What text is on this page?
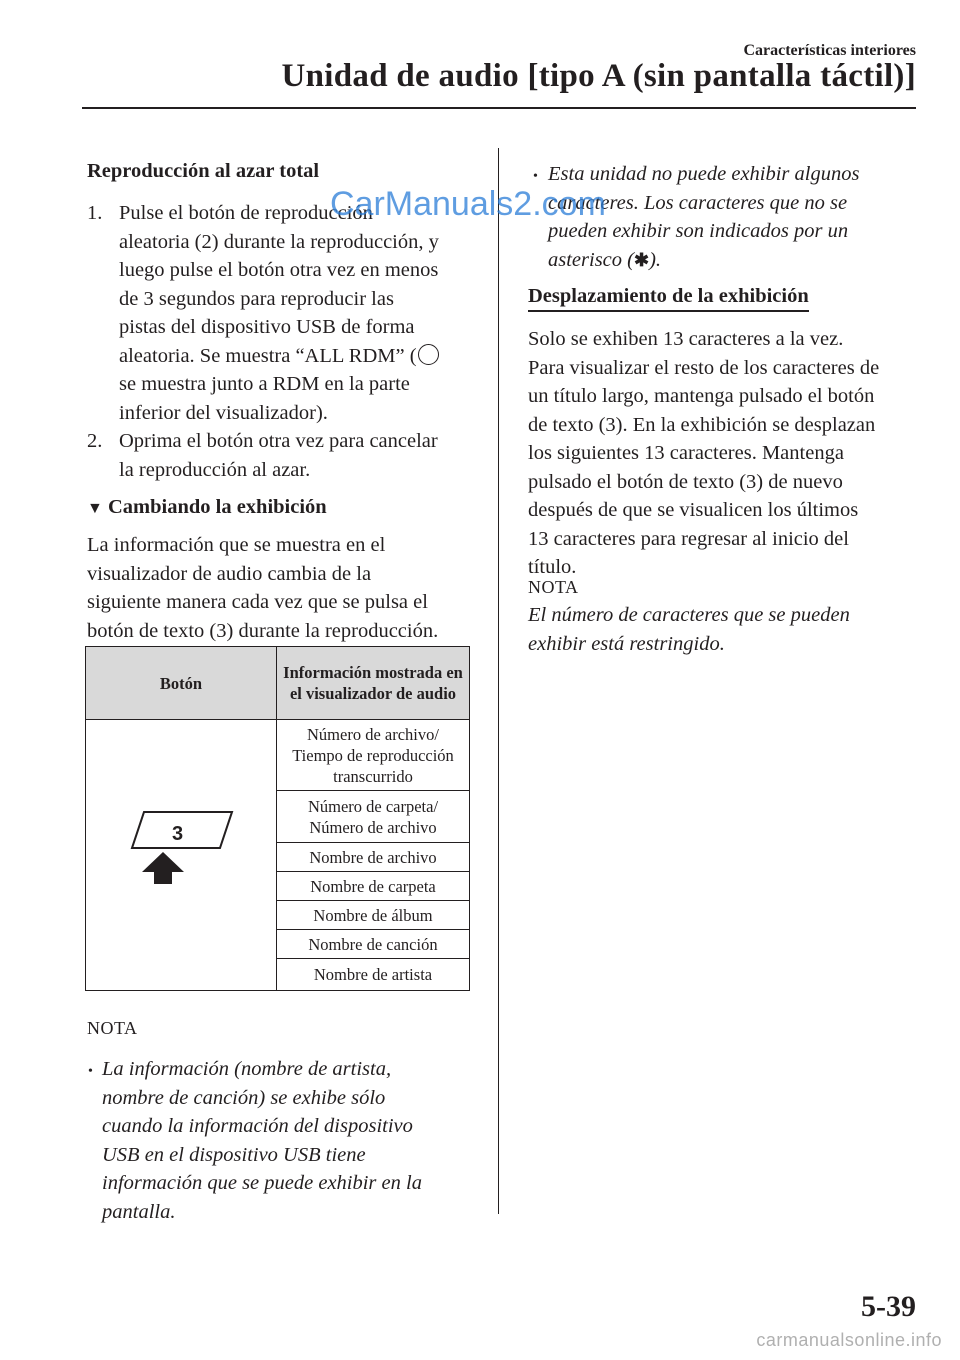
Características interiores
Unidad de audio [tipo A (sin pantalla táctil)]
Reproducción al azar total
1. Pulse el botón de reproducción
aleatoria (2) durante la reproducción, y
luego pulse el botón otra vez en menos
de 3 segundos para reproducir las
pistas del dispositivo USB de forma
aleatoria. Se muestra “ALL RDM” (
se muestra junto a RDM en la parte
inferior del visualizador).
2. Oprima el botón otra vez para cancelar
la reproducción al azar.
▼ Cambiando la exhibición
La información que se muestra en el
visualizador de audio cambia de la
siguiente manera cada vez que se pulsa el
botón de texto (3) durante la reproducción.
Botón
Información mostrada en el visualizador de audio
3
Número de archivo/ Tiempo de reproducción transcurrido
Número de carpeta/ Número de archivo
Nombre de archivo
Nombre de carpeta
Nombre de álbum
Nombre de canción
Nombre de artista
NOTA
• La información (nombre de artista,
nombre de canción) se exhibe sólo
cuando la información del dispositivo
USB en el dispositivo USB tiene
información que se puede exhibir en la
pantalla.
• Esta unidad no puede exhibir algunos
caracteres. Los caracteres que no se
pueden exhibir son indicados por un
asterisco (✱).
Desplazamiento de la exhibición
Solo se exhiben 13 caracteres a la vez.
Para visualizar el resto de los caracteres de
un título largo, mantenga pulsado el botón
de texto (3). En la exhibición se desplazan
los siguientes 13 caracteres. Mantenga
pulsado el botón de texto (3) de nuevo
después de que se visualicen los últimos
13 caracteres para regresar al inicio del
título.
NOTA
El número de caracteres que se pueden
exhibir está restringido.
CarManuals2.com
5-39
carmanualsonline.info
